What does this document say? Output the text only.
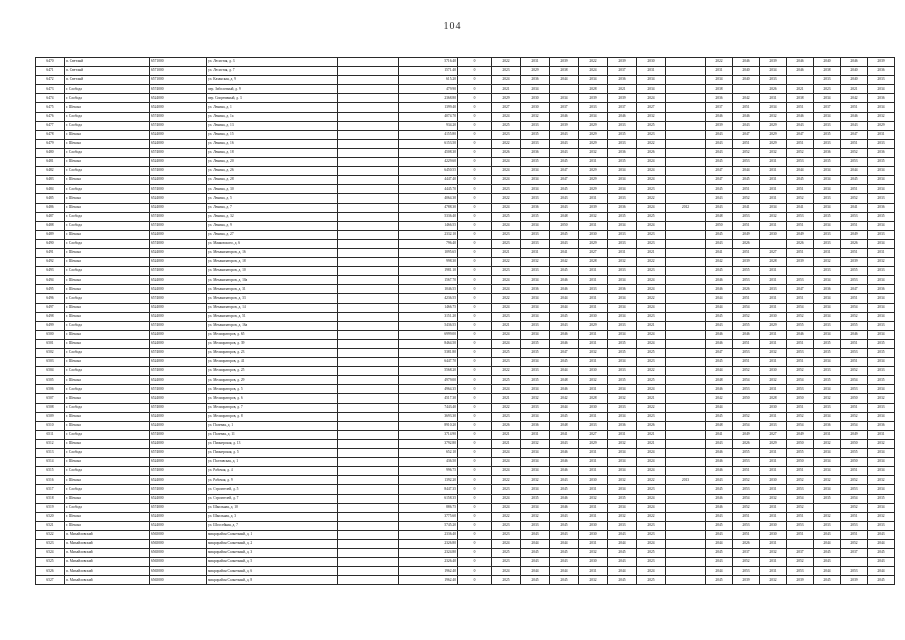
104
6470	п. Светлый	6571000	ул. Лесистая, д. 3		5716.40	0	2022	2031	2039	2022	2039	2030		2022	2046	2039	2046	2040	2046	2039
6471	п. Светлый	6571000	ул. Лесистая, д. 7		1571.40	0	2023	2029	2038	2024	2037	2031		2031	2040	2034	2046	2038	2040	2036
6472	п. Светлый	6571000	ул. Казанская, д. 9		615.20	0	2024	2036	2044	2034	2036	2034		2034	2040	2033		2033	2040	2033
6473	г. Слобода	6574000	пер. Заболотный, д. 9		479.90	0	2021	2034		2028	2021	2034		2038		2026	2021	2023	2021	2034
6474	г. Слобода	6524000	пер. Спортивный, д. 3		2368.80	0	2029	2030	2034	2039	2039	2024		2036	2042	2031	2038	2034	2042	2036
6475	г. Шексна	6524000	ул. Ленина, д. 1		1399.40	0	2027	2030	2037	2033	2037	2027		2037	2051	2034	2051	2037	2051	2034
6476	г. Слобода	6574000	ул. Ленина, д. 1а		4074.70	0	2024	2032	2046	2034	2046	2032		2046	2046	2032	2046	2034	2046	2032
6477	г. Слобода	6574000	ул. Ленина, д. 13		934.20	0	2025	2033	2039	2029	2033	2025		2039	2043	2029	2043	2033	2043	2029
6478	г. Шексна	6524000	ул. Ленина, д. 15		4155.80	0	2023	2035	2043	2029	2035	2023		2043	2047	2029	2047	2035	2047	2031
6479	г. Шексна	6524000	ул. Ленина, д. 16		6153.50	0	2022	2033	2043	2029	2033	2022		2043	2051	2029	2051	2033	2051	2033
6480	г. Слобода	6574000	ул. Ленина, д. 18		4508.30	0	2026	2036	2043	2032	2036	2026		2043	2052	2032	2052	2036	2052	2036
6481	г. Шексна	6524000	ул. Ленина, д. 20		4229.60	0	2024	2035	2045	2031	2035	2024		2045	2053	2031	2053	2035	2053	2035
6482	г. Слобода	6574000	ул. Ленина, д. 26		6450.55	0	2024	2034	2047	2029	2034	2024		2047	2044	2031	2044	2034	2044	2034
6483	г. Шексна	6524000	ул. Ленина, д. 28		4447.40	0	2024	2034	2047	2029	2034	2024		2047	2045	2031	2045	2034	2045	2034
6484	г. Слобода	6574000	ул. Ленина, д. 30		4445.70	0	2023	2034	2045	2029	2034	2023		2045	2051	2031	2051	2034	2051	2034
6485	г. Шексна	6524000	ул. Ленина, д. 5		4064.30	0	2022	2033	2043	2031	2033	2022		2043	2052	2031	2052	2033	2052	2033
6486	г. Шексна	6524000	ул. Ленина, д. 7		4788.30	0	2024	2036	2043	2039	2036	2024	2012	2043	2041	2034	2041	2034	2041	2036
6487	г. Слобода	6574000	ул. Ленина, д. 32		5336.40	0	2025	2035	2048	2032	2035	2025		2048	2053	2032	2053	2035	2053	2035
6488	г. Слобода	6574000	ул. Ленина, д. 9		1466.55	0	2024	2034	2050	2031	2034	2024		2050	2051	2031	2051	2034	2051	2034
6489	г. Шексна	6524000	ул. Ленина, д. 27		2332.10	0	2023	2033	2045	2030	2033	2023		2045	2049	2030	2049	2033	2049	2033
6490	г. Слобода	6574000	ул. Маяковского, д. 6		796.40	0	2023	2033	2043	2029	2033	2023		2043	2026		2026	2033	2026	2034
6491	г. Шексна	6524000	ул. Механизаторов, д. 16		1095.65	0	2021	2031	2041	2027	2031	2021		2041	2051	2027	2051	2031	2051	2031
6492	г. Шексна	6524000	ул. Механизаторов, д. 18		998.30	0	2022	2032	2042	2028	2032	2022		2042	2039	2028	2039	2032	2039	2032
6493	г. Слобода	6574000	ул. Механизаторов, д. 10		1981.10	0	2023	2033	2045	2031	2033	2023		2045	2055	2031		2033	2055	2033
6494	г. Шексна	6524000	ул. Механизаторов, д. 10а		1567.70	0	2024	2034	2046	2031	2034	2024		2046	2053	2031	2053	2034	2053	2034
6495	г. Шексна	6524000	ул. Механизаторов, д. 31		1046.55	0	2024	2036	2046	2033	2036	2024		2046	2026	2033	2047	2036	2047	2036
6496	г. Слобода	6574000	ул. Механизаторов, д. 33		4236.55	0	2022	2034	2044	2031	2034	2022		2044	2051	2031	2051	2034	2051	2034
6497	г. Шексна	6524000	ул. Механизаторов, д. 14		1466.75	0	2024	2034	2044	2031	2034	2024		2044	2054	2031	2054	2034	2054	2034
6498	г. Шексна	6524000	ул. Механизаторов, д. 51		3151.20	0	2023	2034	2045	2030	2034	2023		2045	2052	2030	2052	2034	2052	2034
6499	г. Слобода	6574000	ул. Механизаторов, д. 16а		5436.55	0	2021	2033	2043	2029	2033	2021		2043	2055	2029	2055	2033	2055	2033
6500	г. Шексна	6524000	ул. Мелиораторов, д. 65		6999.00	0	2024	2034	2046	2031	2034	2024		2046	2046	2031	2046	2034	2046	2034
6501	г. Шексна	6524000	ул. Мелиораторов, д. 39		8464.50	0	2024	2035	2046	2031	2035	2024		2046	2051	2031	2051	2035	2051	2035
6502	г. Слобода	6574000	ул. Мелиораторов, д. 23		5381.80	0	2025	2035	2047	2032	2035	2025		2047	2053	2032	2053	2035	2053	2035
6503	г. Шексна	6524000	ул. Мелиораторов, д. 41		6447.70	0	2023	2034	2045	2031	2034	2023		2045	2051	2031	2051	2034	2051	2034
6504	г. Слобода	6574000	ул. Мелиораторов, д. 25		5568.20	0	2022	2033	2044	2030	2033	2022		2044	2052	2030	2052	2033	2052	2033
6505	г. Шексна	6524000	ул. Мелиораторов, д. 29		4979.00	0	2025	2035	2048	2032	2035	2025		2048	2054	2032	2054	2035	2054	2035
6506	г. Слобода	6574000	ул. Мелиораторов, д. 5		4964.35	0	2024	2034	2046	2031	2034	2024		2046	2053	2031	2053	2034	2053	2034
6507	г. Шексна	6524000	ул. Мелиораторов, д. 6		4517.30	0	2021	2032	2042	2028	2032	2021		2042	2050	2028	2050	2032	2050	2032
6508	г. Слобода	6574000	ул. Мелиораторов, д. 7		7443.40	0	2022	2033	2044	2030	2033	2022		2044		2030	2051	2033	2051	2033
6509	г. Шексна	6524000	ул. Мелиораторов, д. 8		3693.30	0	2023	2034	2045	2031	2034	2023		2045	2052	2031	2052	2034	2052	2034
6510	г. Шексна	6524000	ул. Полевая, д. 1		8910.20	0	2026	2036	2048	2033	2036	2026		2048	2054	2033	2054	2036	2054	2036
6511	г. Слобода	6574000	ул. Полевая, д. 11		3714.90	0	2021	2031	2041	2027	2031	2021		2041	2049	2027	2049	2031	2049	2031
6512	г. Шексна	6524000	ул. Пионерская, д. 13		3792.80	0	2021	2032	2043	2029	2032	2021		2043	2026	2029	2050	2032	2050	2032
6513	г. Слобода	6574000	ул. Пионерская, д. 5		652.10	0	2024	2034	2046	2031	2034	2024		2046	2055	2031	2055	2034	2055	2034
6514	г. Шексна	6524000	ул. Полтавская, д. 1		436.50	0	2024	2034	2046	2031	2034	2024		2046	2053	2031	2050	2034	2050	2034
6515	г. Слобода	6574000	ул. Рабочая, д. 4		996.75	0	2024	2034	2046	2031	2034	2024		2046	2051	2031	2051	2034	2051	2034
6516	г. Шексна	6524000	ул. Рабочая, д. 9		1392.20	0	2022	2032	2043	2030	2032	2022	2013	2043	2052	2030	2052	2032	2052	2032
6517	г. Слобода	6574000	ул. Строителей, д. 5		8447.35	0	2023	2034	2045	2031	2034	2023		2045	2053	2031	2053	2034	2053	2034
6518	г. Шексна	6524000	ул. Строителей, д. 7		6158.35	0	2024	2035	2046	2032	2035	2024		2046	2054	2032	2054	2035	2054	2035
6519	г. Слобода	6574000	ул. Школьная, д. 10		886.75	0	2024	2034	2046	2031	2034	2024		2046	2052	2031	2052		2052	2034
6520	г. Шексна	6524000	ул. Школьная, д. 3		3775.60	0	2022	2032	2043	2031	2032	2022		2043	2051	2031	2051	2032	2051	2032
6521	г. Шексна	6524000	ул. Шоссейная, д. 7		5745.20	0	2023	2033	2045	2030	2033	2023		2045	2053	2030	2053	2033	2053	2033
6522	п. Михайловский	6565000	микрорайон Солнечный, д. 1		2336.40	0	2023	2043	2043	2030	2043	2023		2043	2051	2030	2051	2043	2051	2043
6523	п. Михайловский	6565000	микрорайон Солнечный, д. 2		2326.80	0	2024	2044	2044	2031	2044	2024		2044	2026	2031		2044	2052	2044
6524	п. Михайловский	6565000	микрорайон Солнечный, д. 3		2324.80	0	2025	2045	2045	2032	2045	2025		2045	2037	2032	2037	2045	2037	2045
6525	п. Михайловский	6565000	микрорайон Солнечный, д. 5		2326.40	0	2023	2043	2043	2030	2043	2023		2043	2052	2031	2052	2043		2043
6526	п. Михайловский	6565000	микрорайон Солнечный, д. 6		1962.40	0	2024	2044	2044	2031	2044	2024		2044	2053	2031	2053	2044	2053	2044
6527	п. Михайловский	6565000	микрорайон Солнечный, д. 8		1962.40	0	2025	2045	2045	2032	2045	2025		2045	2039	2032	2039	2045	2039	2045
